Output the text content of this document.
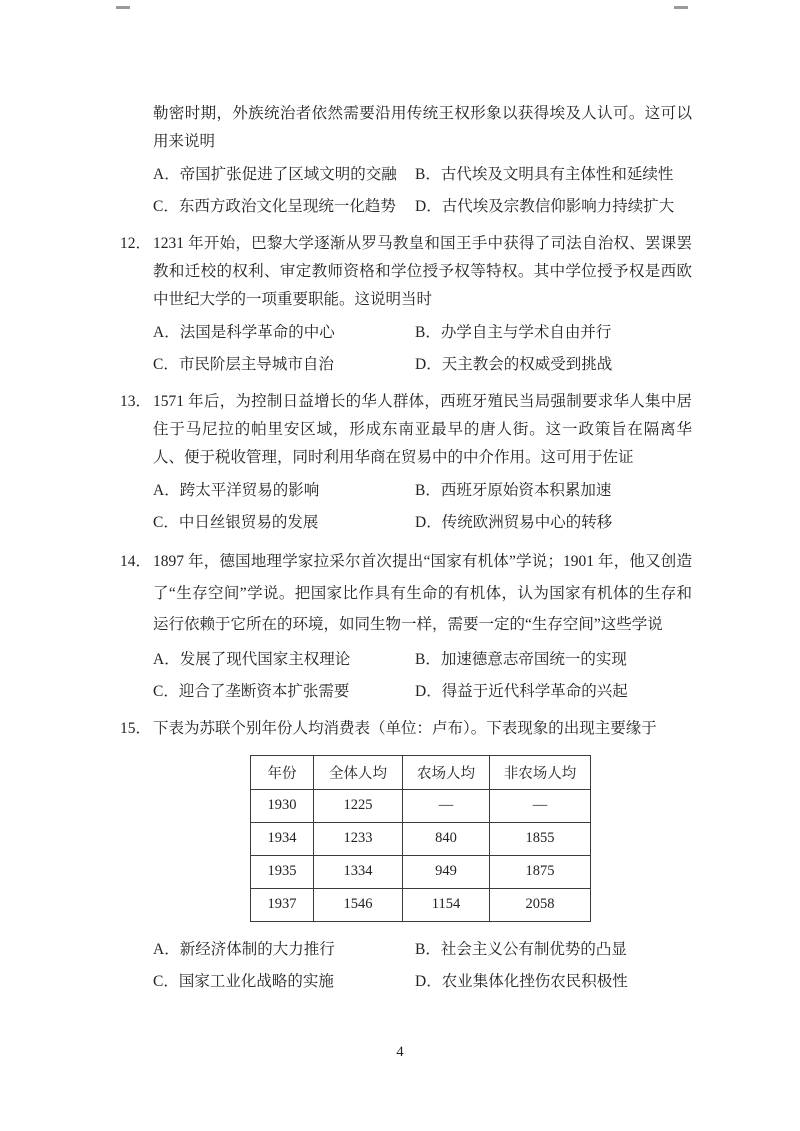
勒密时期，外族统治者依然需要沿用传统王权形象以获得埃及人认可。这可以用来说明
A．帝国扩张促进了区域文明的交融	B．古代埃及文明具有主体性和延续性
C．东西方政治文化呈现统一化趋势	D．古代埃及宗教信仰影响力持续扩大
12． 1231 年开始，巴黎大学逐渐从罗马教皇和国王手中获得了司法自治权、罢课罢教和迁校的权利、审定教师资格和学位授予权等特权。其中学位授予权是西欧中世纪大学的一项重要职能。这说明当时
A．法国是科学革命的中心	B．办学自主与学术自由并行
C．市民阶层主导城市自治	D．天主教会的权威受到挑战
13． 1571 年后，为控制日益增长的华人群体，西班牙殖民当局强制要求华人集中居住于马尼拉的帕里安区域，形成东南亚最早的唐人街。这一政策旨在隔离华人、便于税收管理，同时利用华商在贸易中的中介作用。这可用于佐证
A．跨太平洋贸易的影响	B．西班牙原始资本积累加速
C．中日丝银贸易的发展	D．传统欧洲贸易中心的转移
14． 1897 年，德国地理学家拉采尔首次提出“国家有机体”学说；1901 年，他又创造了“生存空间”学说。把国家比作具有生命的有机体，认为国家有机体的生存和运行依赖于它所在的环境，如同生物一样，需要一定的“生存空间”这些学说
A．发展了现代国家主权理论	B．加速德意志帝国统一的实现
C．迎合了垄断资本扩张需要	D．得益于近代科学革命的兴起
15． 下表为苏联个别年份人均消费表（单位：卢布）。下表现象的出现主要缘于
年份	全体人均	农场人均	非农场人均
1930	1225	—	—
1934	1233	840	1855
1935	1334	949	1875
1937	1546	1154	2058
A．新经济体制的大力推行	B．社会主义公有制优势的凸显
C．国家工业化战略的实施	D．农业集体化挫伤农民积极性
4
